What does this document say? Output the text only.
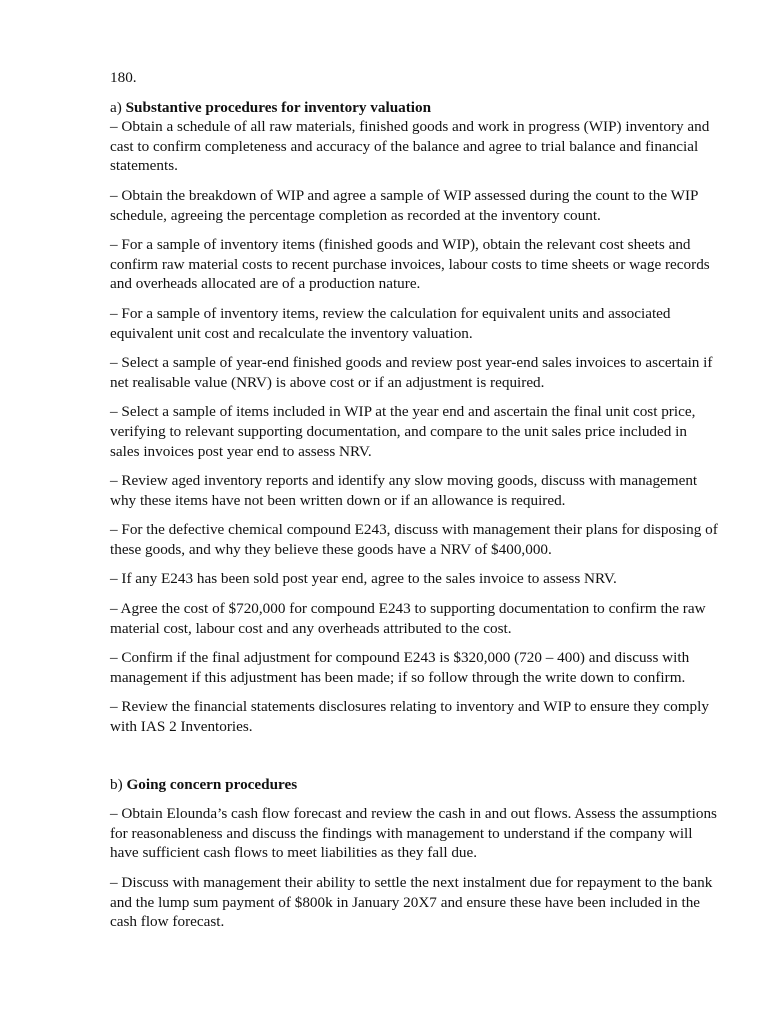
180.

a) Substantive procedures for inventory valuation

– Obtain a schedule of all raw materials, finished goods and work in progress (WIP) inventory and cast to confirm completeness and accuracy of the balance and agree to trial balance and financial statements.

– Obtain the breakdown of WIP and agree a sample of WIP assessed during the count to the WIP schedule, agreeing the percentage completion as recorded at the inventory count.

– For a sample of inventory items (finished goods and WIP), obtain the relevant cost sheets and confirm raw material costs to recent purchase invoices, labour costs to time sheets or wage records and overheads allocated are of a production nature.

– For a sample of inventory items, review the calculation for equivalent units and associated equivalent unit cost and recalculate the inventory valuation.

– Select a sample of year-end finished goods and review post year-end sales invoices to ascertain if net realisable value (NRV) is above cost or if an adjustment is required.

– Select a sample of items included in WIP at the year end and ascertain the final unit cost price, verifying to relevant supporting documentation, and compare to the unit sales price included in sales invoices post year end to assess NRV.

– Review aged inventory reports and identify any slow moving goods, discuss with management why these items have not been written down or if an allowance is required.

– For the defective chemical compound E243, discuss with management their plans for disposing of these goods, and why they believe these goods have a NRV of $400,000.

– If any E243 has been sold post year end, agree to the sales invoice to assess NRV.

– Agree the cost of $720,000 for compound E243 to supporting documentation to confirm the raw material cost, labour cost and any overheads attributed to the cost.

– Confirm if the final adjustment for compound E243 is $320,000 (720 – 400) and discuss with management if this adjustment has been made; if so follow through the write down to confirm.

– Review the financial statements disclosures relating to inventory and WIP to ensure they comply with IAS 2 Inventories.

b) Going concern procedures

– Obtain Elounda’s cash flow forecast and review the cash in and out flows. Assess the assumptions for reasonableness and discuss the findings with management to understand if the company will have sufficient cash flows to meet liabilities as they fall due.

– Discuss with management their ability to settle the next instalment due for repayment to the bank and the lump sum payment of $800k in January 20X7 and ensure these have been included in the cash flow forecast.
